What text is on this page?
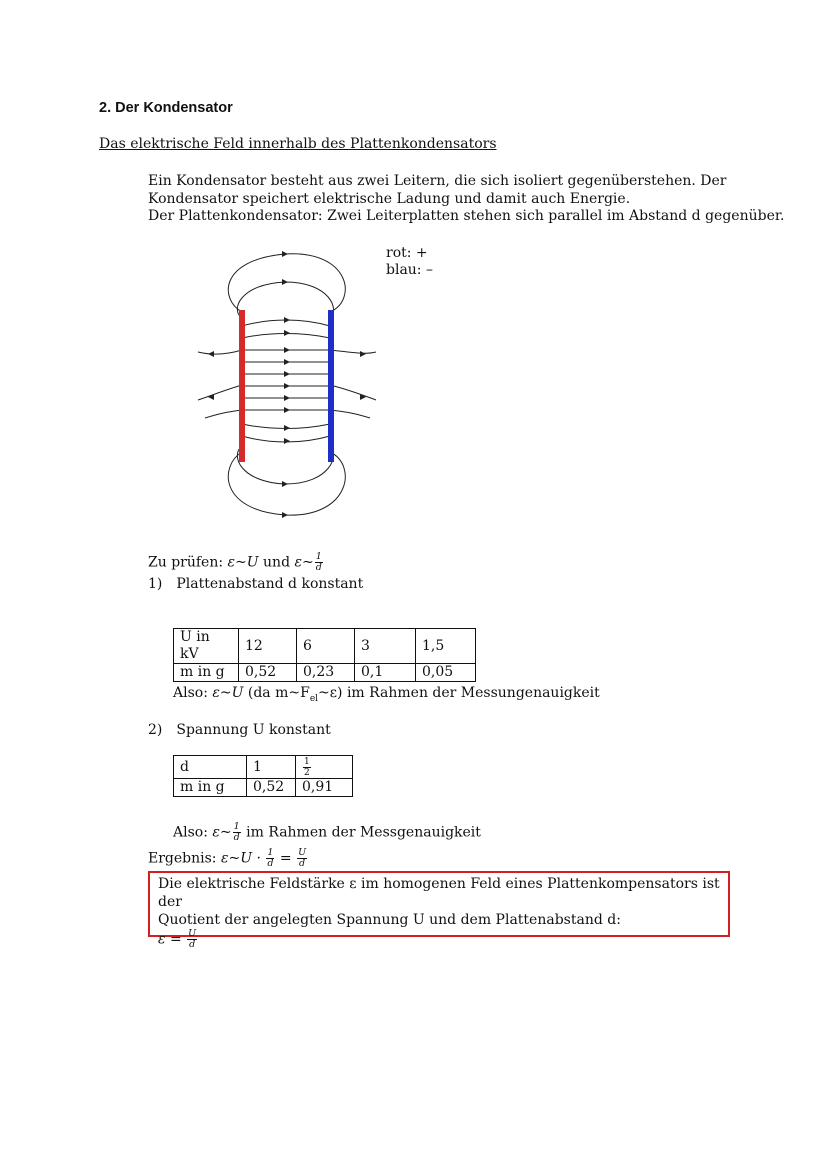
2. Der Kondensator
Das elektrische Feld innerhalb des Plattenkondensators
Ein Kondensator besteht aus zwei Leitern, die sich isoliert gegenüberstehen. Der
Kondensator speichert elektrische Ladung und damit auch Energie.
Der Plattenkondensator: Zwei Leiterplatten stehen sich parallel im Abstand d gegenüber.
rot: +
blau: –
Zu prüfen: ε~U und ε~ $\frac{1}{d}$
1) Plattenabstand d konstant
U in kV	12	6	3	1,5
m in g	0,52	0,23	0,1	0,05
Also: ε~U (da $m\sim F_{el}\sim\varepsilon$) im Rahmen der Messungenauigkeit
2) Spannung U konstant
d	1	$\frac{1}{2}$

m in g	0,52	0,91
Also: ε~ $\frac{1}{d}$ im Rahmen der Messgenauigkeit
Ergebnis: ε~U · $\frac{1}{d} = \frac{U}{d}$
Die elektrische Feldstärke ε im homogenen Feld eines Plattenkompensators ist der
Quotient der angelegten Spannung U und dem Plattenabstand d:
$\varepsilon = \frac{U}{d}$
